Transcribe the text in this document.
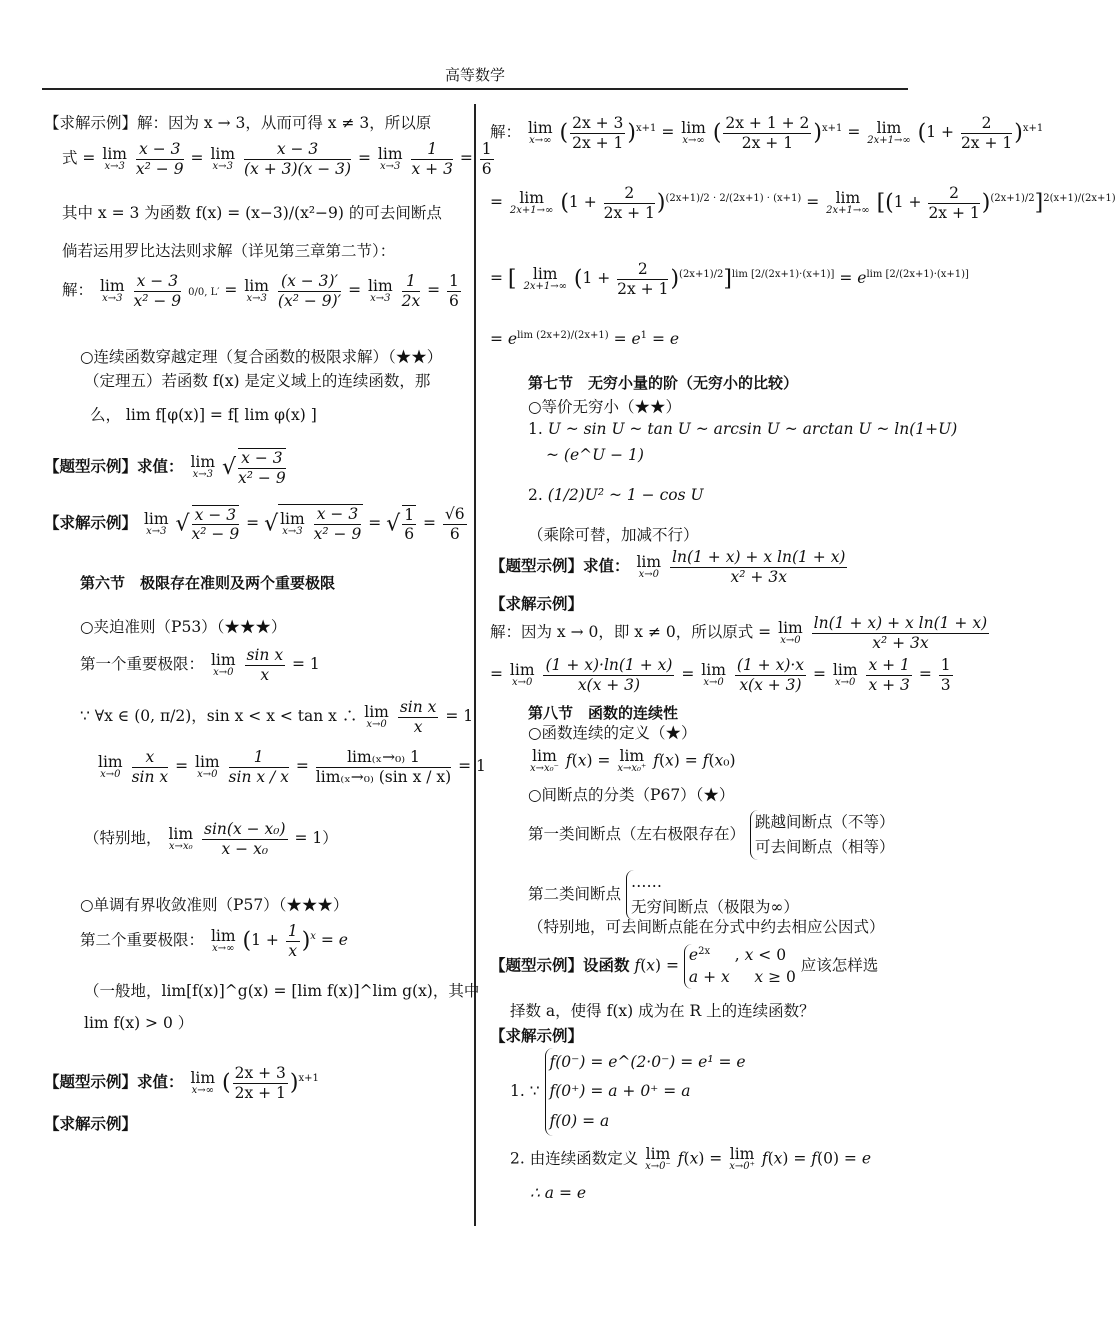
高等数学
【求解示例】解：因为 x → 3，从而可得 x ≠ 3，所以原
式 = lim
x→3
$\frac{x - 3}{\text{x² − 9}} = \lim$
x→3
$\frac{x - 3}{(x + 3)(x - 3)} = \lim$
x→3
$\frac{1}{x + 3} = \frac{1}{6}$
其中 x = 3 为函数 f(x) = (x−3)/(x²−9) 的可去间断点
倘若运用罗比达法则求解（详见第三章第二节）：
解： lim
x→3
$\frac{x - 3}{\text{x² − 9}} 0/0$, L′ = lim
x→3
$\frac{(x - 3)'}{\text{(x² − 9)′}} = \lim$
x→3
$\frac{1}{2x} = \frac{1}{6}$
○连续函数穿越定理（复合函数的极限求解）（★★）
（定理五）若函数 f(x) 是定义域上的连续函数，那
么， lim f[φ(x)] = f[ lim φ(x) ]
【题型示例】求值： lim
x→3 √ $\frac{x - 3}{\text{x² − 9}}$
【求解示例】 lim
x→3 √ $\frac{x - 3}{\text{x² − 9}}$ = √ lim
x→3
$\frac{x - 3}{\text{x² − 9}}$ = √ $\frac{1}{6} = \frac{√6}{6}$
第六节　极限存在准则及两个重要极限
○夹迫准则（P53）（★★★）
第一个重要极限： lim
x→0
$\frac{\text{sin x}}{x} = 1$
∵ ∀x ∈ (0, π/2)，sin x < x < tan x ∴ lim
x→0
$\frac{\text{sin x}}{x} = 1$
lim
x→0
$\frac{x}{\text{sin x}} = \lim$
x→0
$\frac{1}{\text{sin x / x}} = \frac{\text{lim₍ₓ→₀₎ 1}}{\text{lim₍ₓ→₀₎ (sin x / x)}} = 1$
（特别地， lim
x→x₀
$\frac{\text{sin(x − x₀)}}{\text{x − x₀}} = 1$）
○单调有界收敛准则（P57）（★★★）
第二个重要极限： lim
x→∞ $(1 + \frac{1}{x} )^x = e$
（一般地，lim[f(x)]^g(x) = [lim f(x)]^lim g(x)，其中
lim f(x) > 0 ）
【题型示例】求值： lim
x→∞ ( $\frac{2x + 3}{2x + 1} )^{x+1}$
【求解示例】
解： lim
x→∞ ( $\frac{2x + 3}{2x + 1} )^{x+1} = \lim$
x→∞ ( $\frac{2x + 1 + 2}{2x + 1} )^{x+1} = \lim$
2x+1→∞ $(1 + \frac{2}{2x + 1} )^{x+1}$
= lim
2x+1→∞ $(1 + \frac{2}{2x + 1} )^{(2x+1)/2 \cdot 2/(2x+1) \cdot (x+1)} = \lim$
2x+1→∞ $[(1 + \frac{2}{2x + 1} )^{(2x+1)/2}]^{2(x+1)/(2x+1)}$
= [	lim
2x+1→∞ $(1 + \frac{2}{2x + 1} )^{(2x+1)/2}]^{lim [2/(2x+1)\cdot(x+1)]} = e^{lim [2/(2x+1)\cdot(x+1)]}$
= $e^{lim (2x+2)/(2x+1)} = e^1 = e$
第七节　无穷小量的阶（无穷小的比较）
○等价无穷小（★★）
1. U ~ sin U ~ tan U ~ arcsin U ~ arctan U ~ ln(1+U)
~ (e^U − 1)
2. (1/2)U² ~ 1 − cos U
（乘除可替，加减不行）
【题型示例】求值： lim
x→0
$\frac{\text{ln(1 + x) + x ln(1 + x)}}{\text{x² + 3x}}$
【求解示例】
解：因为 x → 0，即 x ≠ 0，所以原式 = lim
x→0
$\frac{\text{ln(1 + x) + x ln(1 + x)}}{\text{x² + 3x}}$
= lim
x→0
$\frac{(1 + x)\cdot\ln(1 + x)}{x(x + 3)} = \lim$
x→0
$\frac{(1 + x)\cdot x}{x(x + 3)} = \lim$
x→0
$\frac{x + 1}{x + 3} = \frac{1}{3}$
第八节　函数的连续性
○函数连续的定义（★）
lim
x→x₀⁻ f(x) = lim
x→x₀⁺ f(x) = f(x₀)
○间断点的分类（P67）（★）
第一类间断点（左右极限存在） 跳越间断点（不等）
可去间断点（相等）
第二类间断点 ……
无穷间断点（极限为∞）
（特别地，可去间断点能在分式中约去相应公因式）
【题型示例】设函数 $f(x) = e^{2x}$     , x < 0
a + x x ≥ 0 应该怎样选
择数 a，使得 f(x) 成为在 R 上的连续函数？
【求解示例】
1. ∵ f(0⁻) = e^(2·0⁻) = e¹ = e
f(0⁺) = a + 0⁺ = a
f(0) = a
2. 由连续函数定义 lim
x→0⁻ f(x) = lim
x→0⁺ f(x) = f(0) = e
∴ a = e
